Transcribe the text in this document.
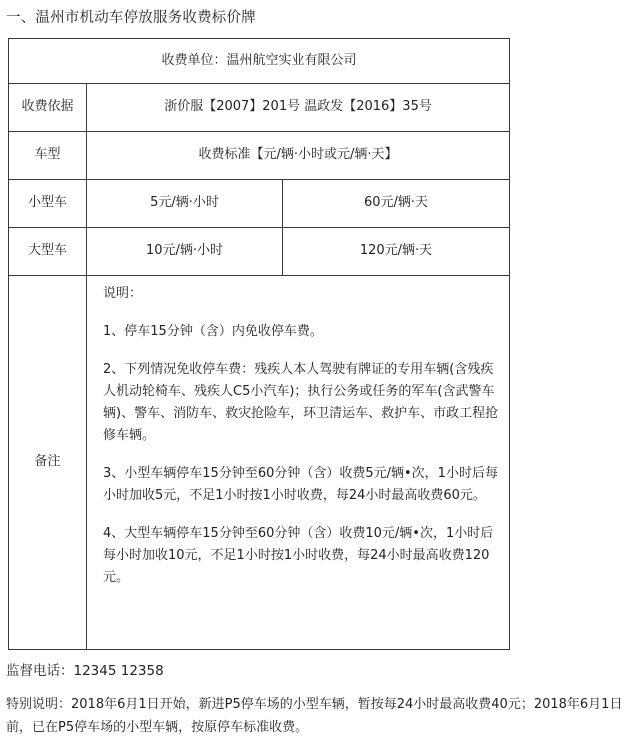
一、温州市机动车停放服务收费标价牌
收费单位：温州航空实业有限公司		
收费依据	浙价服【2007】201号 温政发【2016】35号	
车型	收费标准【元/辆·小时或元/辆·天】	
小型车	5元/辆·小时	60元/辆·天
大型车	10元/辆·小时	120元/辆·天
备注	说明：

1、停车15分钟（含）内免收停车费。

2、下列情况免收停车费：残疾人本人驾驶有牌证的专用车辆(含残疾人机动轮椅车、残疾人C5小汽车)；执行公务或任务的军车(含武警车辆)、警车、消防车、救灾抢险车，环卫清运车、救护车、市政工程抢修车辆。

3、小型车辆停车15分钟至60分钟（含）收费5元/辆•次，1小时后每小时加收5元，不足1小时按1小时收费，每24小时最高收费60元。

4、大型车辆停车15分钟至60分钟（含）收费10元/辆•次，1小时后每小时加收10元，不足1小时按1小时收费，每24小时最高收费120元。	

监督电话：12345 12358
特别说明：2018年6月1日开始，新进P5停车场的小型车辆，暂按每24小时最高收费40元；2018年6月1日前，已在P5停车场的小型车辆，按原停车标准收费。
